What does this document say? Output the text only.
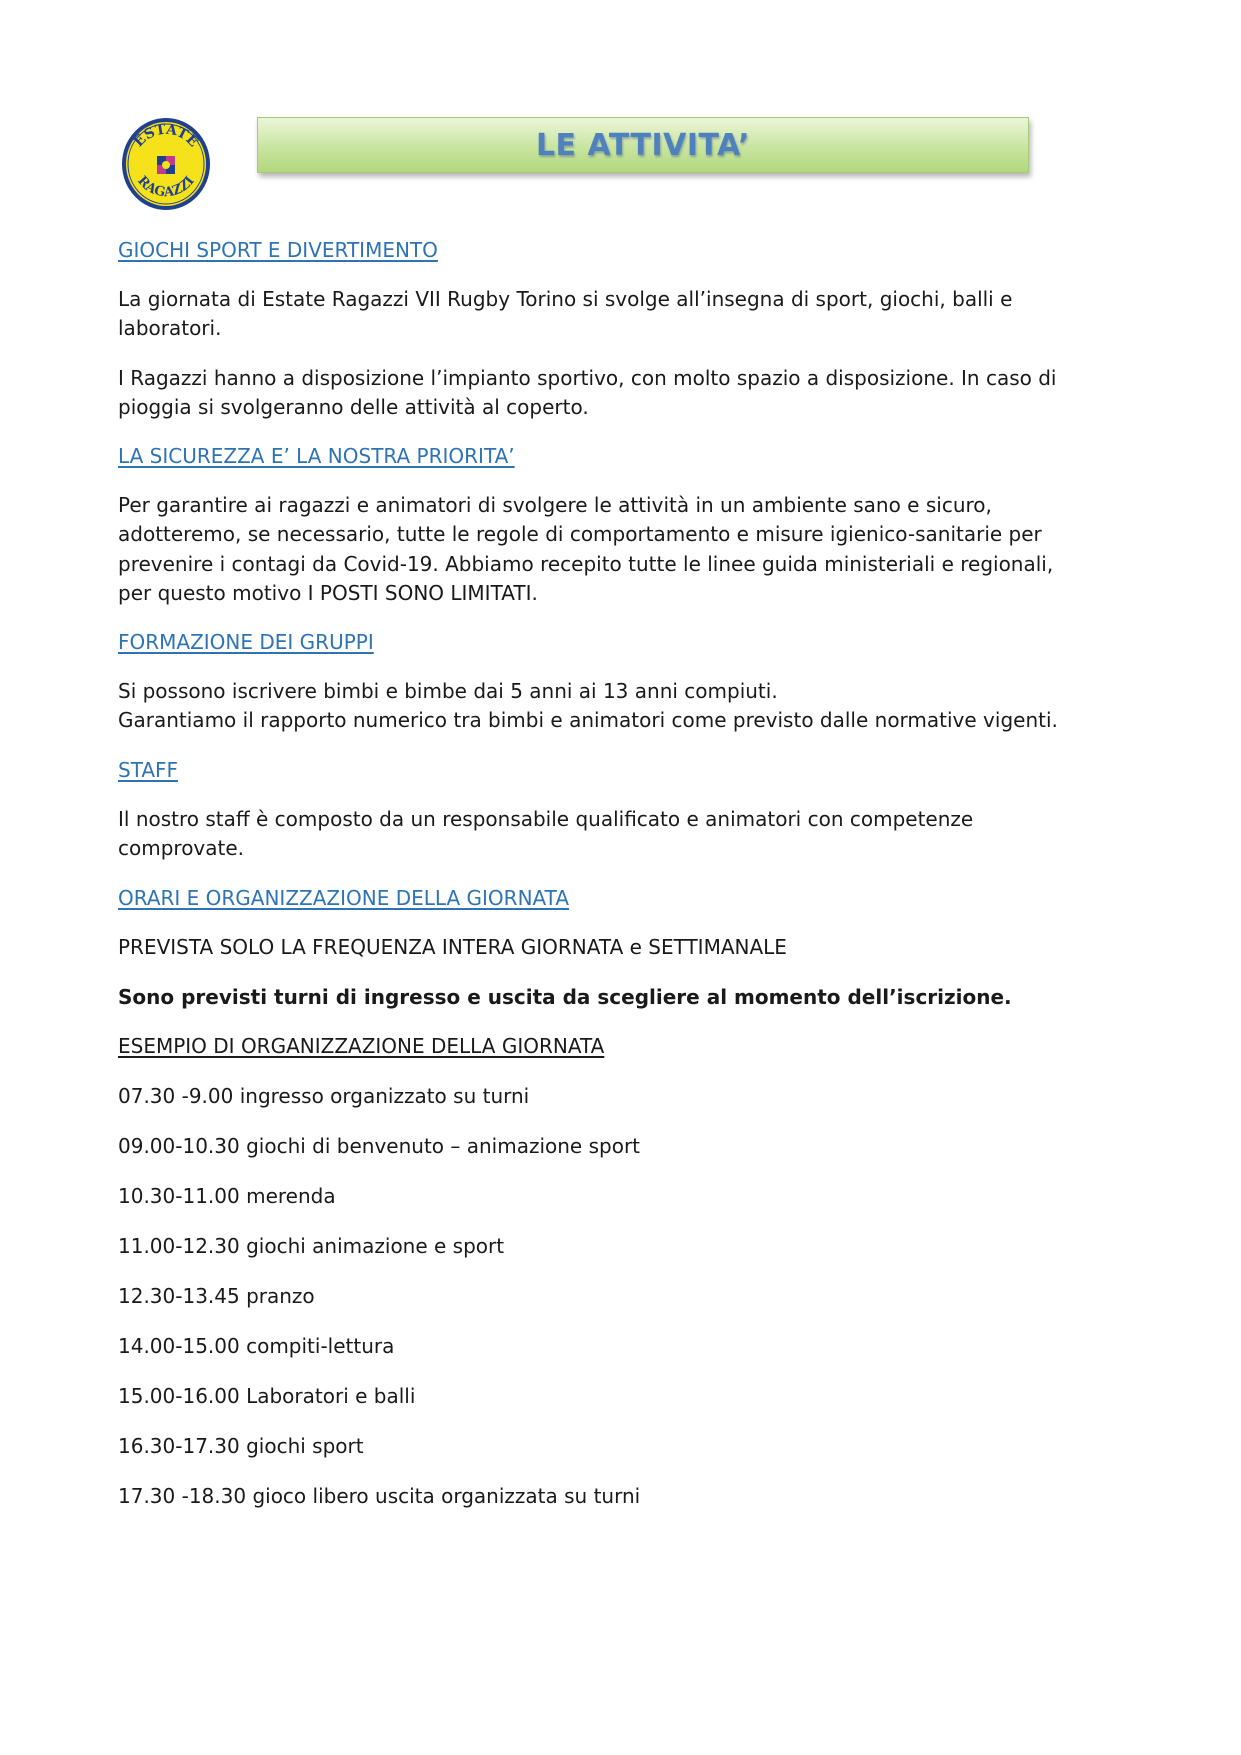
ESTATE
RAGAZZI
LE ATTIVITA’
GIOCHI SPORT E DIVERTIMENTO
La giornata di Estate Ragazzi VII Rugby Torino si svolge all’insegna di sport, giochi, balli e
laboratori.
I Ragazzi hanno a disposizione l’impianto sportivo, con molto spazio a disposizione. In caso di
pioggia si svolgeranno delle attività al coperto.
LA SICUREZZA E’ LA NOSTRA PRIORITA’
Per garantire ai ragazzi e animatori di svolgere le attività in un ambiente sano e sicuro,
adotteremo, se necessario, tutte le regole di comportamento e misure igienico-sanitarie per
prevenire i contagi da Covid-19. Abbiamo recepito tutte le linee guida ministeriali e regionali,
per questo motivo I POSTI SONO LIMITATI.
FORMAZIONE DEI GRUPPI
Si possono iscrivere bimbi e bimbe dai 5 anni ai 13 anni compiuti.
Garantiamo il rapporto numerico tra bimbi e animatori come previsto dalle normative vigenti.
STAFF
Il nostro staff è composto da un responsabile qualificato e animatori con competenze
comprovate.
ORARI E ORGANIZZAZIONE DELLA GIORNATA
PREVISTA SOLO LA FREQUENZA INTERA GIORNATA e SETTIMANALE
Sono previsti turni di ingresso e uscita da scegliere al momento dell’iscrizione.
ESEMPIO DI ORGANIZZAZIONE DELLA GIORNATA
07.30 -9.00 ingresso organizzato su turni
09.00-10.30 giochi di benvenuto – animazione sport
10.30-11.00 merenda
11.00-12.30 giochi animazione e sport
12.30-13.45 pranzo
14.00-15.00 compiti-lettura
15.00-16.00 Laboratori e balli
16.30-17.30 giochi sport
17.30 -18.30 gioco libero uscita organizzata su turni
